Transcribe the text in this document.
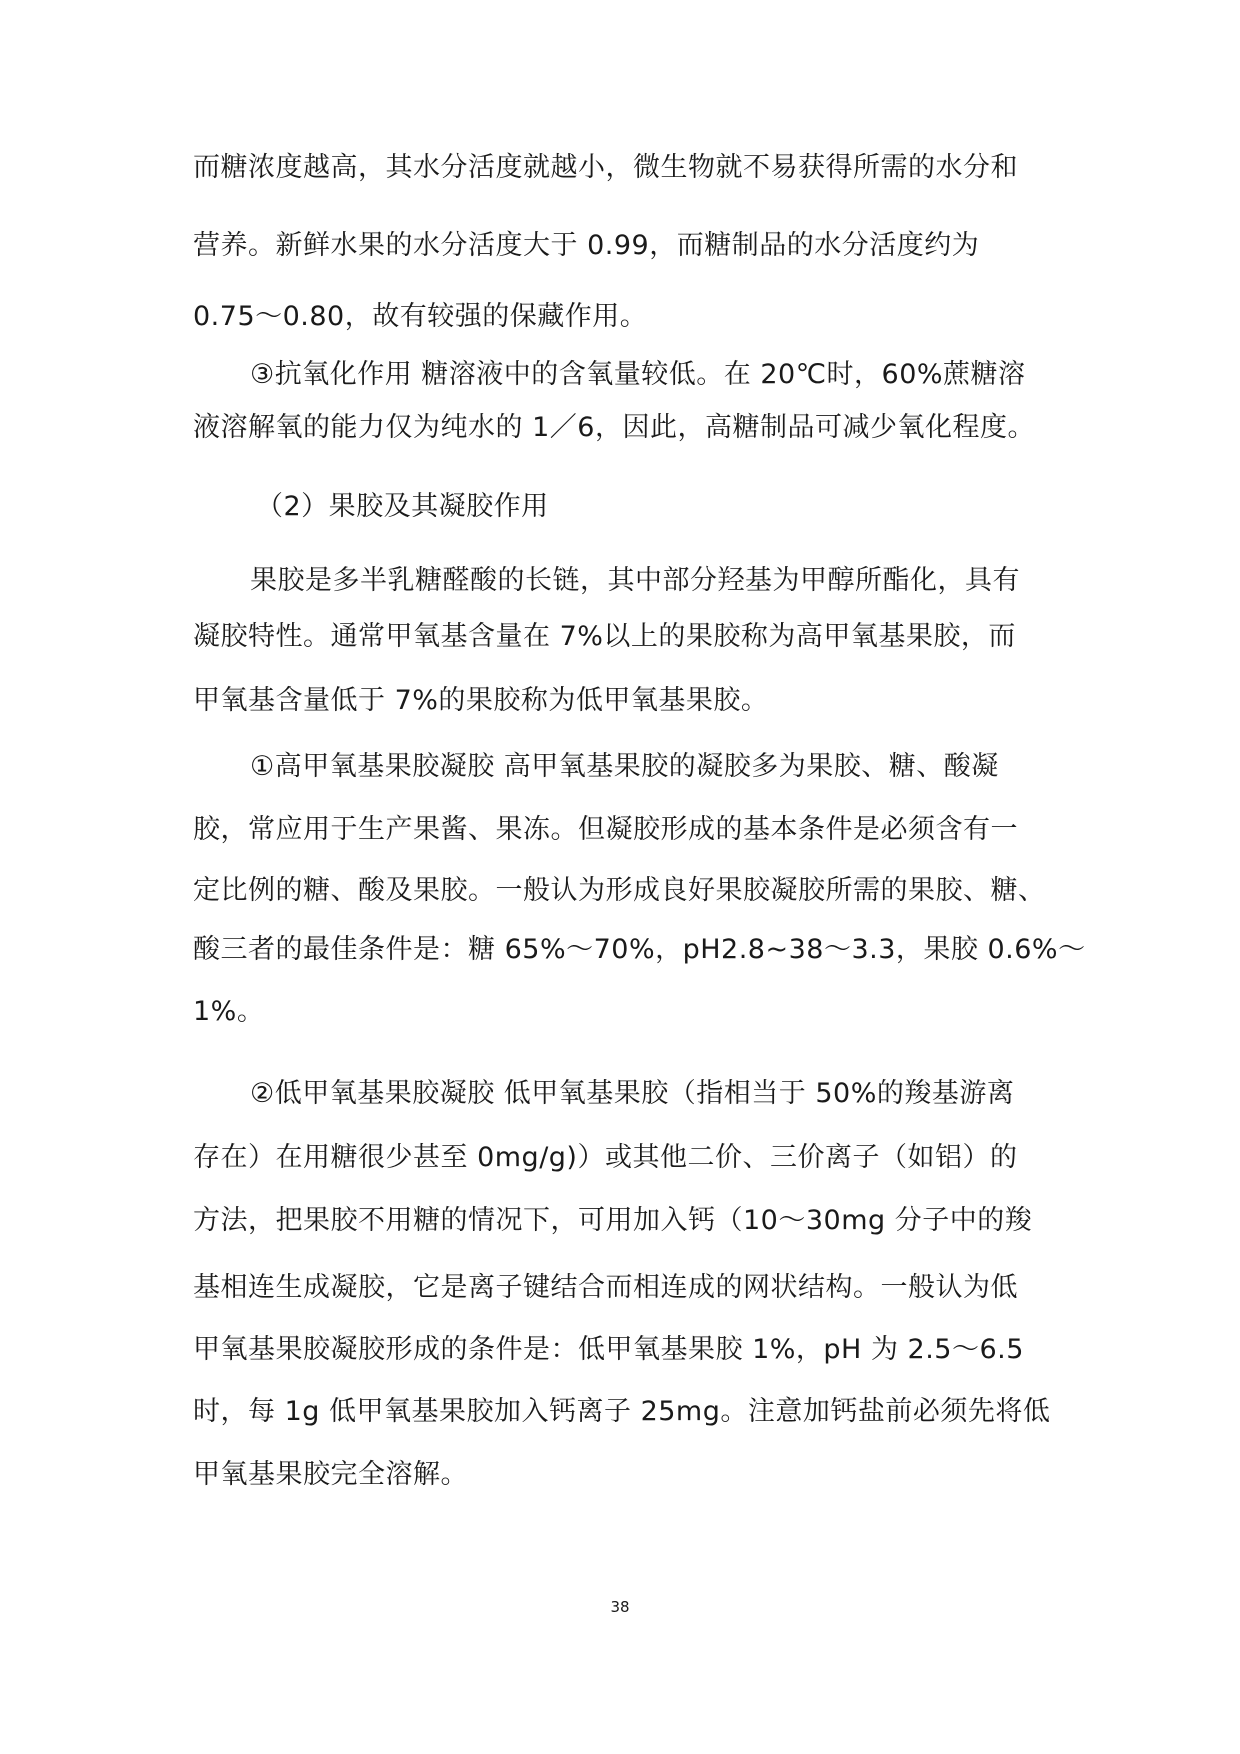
而糖浓度越高，其水分活度就越小，微生物就不易获得所需的水分和
营养。新鲜水果的水分活度大于 0.99，而糖制品的水分活度约为
0.75～0.80，故有较强的保藏作用。
③抗氧化作用 糖溶液中的含氧量较低。在 20℃时，60%蔗糖溶
液溶解氧的能力仅为纯水的 1／6，因此，高糖制品可减少氧化程度。
（2）果胶及其凝胶作用
果胶是多半乳糖醛酸的长链，其中部分羟基为甲醇所酯化，具有
凝胶特性。通常甲氧基含量在 7%以上的果胶称为高甲氧基果胶，而
甲氧基含量低于 7%的果胶称为低甲氧基果胶。
①高甲氧基果胶凝胶 高甲氧基果胶的凝胶多为果胶、糖、酸凝
胶，常应用于生产果酱、果冻。但凝胶形成的基本条件是必须含有一
定比例的糖、酸及果胶。一般认为形成良好果胶凝胶所需的果胶、糖、
酸三者的最佳条件是：糖 65%～70%，pH2.8~38～3.3，果胶 0.6%～
1%。
②低甲氧基果胶凝胶 低甲氧基果胶（指相当于 50%的羧基游离
存在）在用糖很少甚至 0mg/g)）或其他二价、三价离子（如铝）的
方法，把果胶不用糖的情况下，可用加入钙（10～30mg 分子中的羧
基相连生成凝胶，它是离子键结合而相连成的网状结构。一般认为低
甲氧基果胶凝胶形成的条件是：低甲氧基果胶 1%，pH 为 2.5～6.5
时，每 1g 低甲氧基果胶加入钙离子 25mg。注意加钙盐前必须先将低
甲氧基果胶完全溶解。
38
